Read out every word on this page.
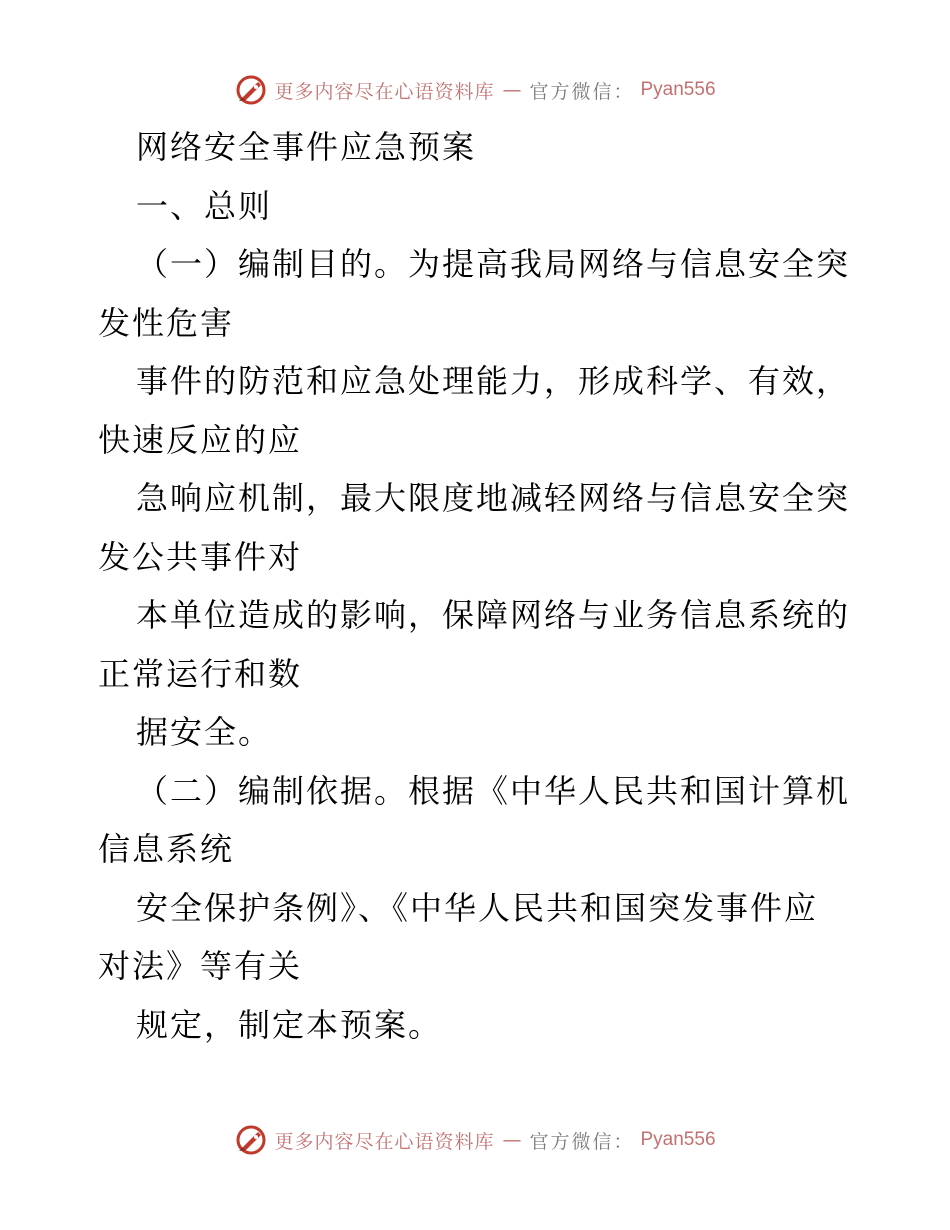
更多内容尽在心语资料库 — 官方微信： Pyan556
网络安全事件应急预案
一、总则
（一）编制目的。为提高我局网络与信息安全突
发性危害
事件的防范和应急处理能力，形成科学、有效，
快速反应的应
急响应机制，最大限度地减轻网络与信息安全突
发公共事件对
本单位造成的影响，保障网络与业务信息系统的
正常运行和数
据安全。
（二）编制依据。根据《中华人民共和国计算机
信息系统
安全保护条例》、《中华人民共和国突发事件应
对法》等有关
规定，制定本预案。
更多内容尽在心语资料库 — 官方微信： Pyan556
